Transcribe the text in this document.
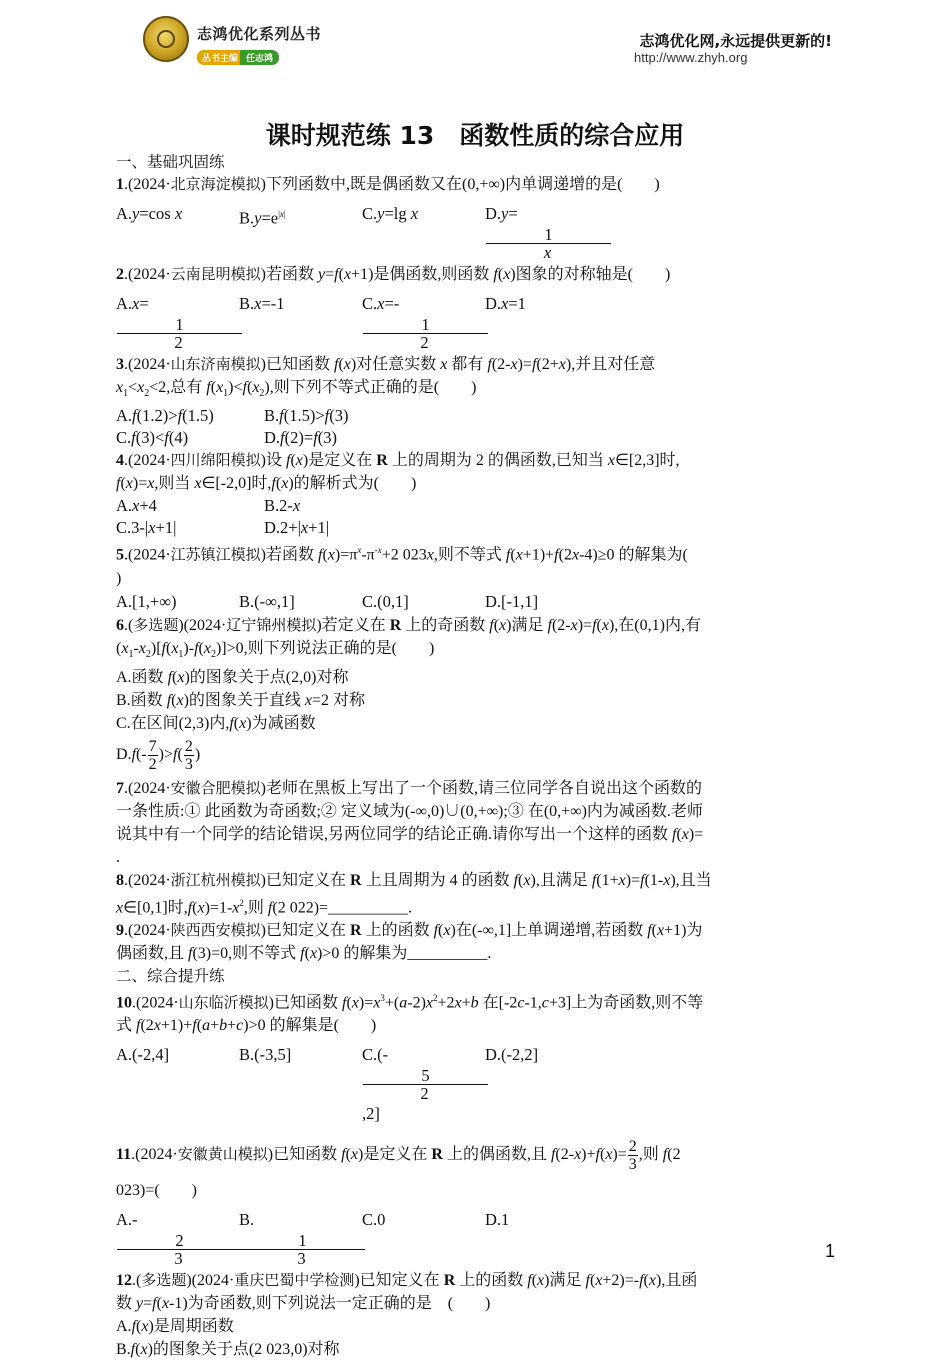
志鸿优化系列丛书
丛书主编 任志鸿
志鸿优化网,永远提供更新的!
http://www.zhyh.org
课时规范练 13　函数性质的综合应用
一、基础巩固练
1.(2024·北京海淀模拟)下列函数中,既是偶函数又在(0,+∞)内单调递增的是(　　)
A.y=cos x	$B.y=e^{|x|}$	C.y=lg x	D.y=
$\frac{1}{x}$
2.(2024·云南昆明模拟)若函数 y=f(x+1)是偶函数,则函数 f(x)图象的对称轴是(　　)
A.x=
$\frac{1}{2}$
B.x=-1	C.x=-
$\frac{1}{2}$
D.x=1
3.(2024·山东济南模拟)已知函数 f(x)对任意实数 x 都有 f(2-x)=f(2+x),并且对任意
$x_1<x_2<2$,总有 $f(x_1)<f(x_2)$,则下列不等式正确的是(　　)
A.f(1.2)>f(1.5)	B.f(1.5)>f(3)
C.f(3)<f(4)	D.f(2)=f(3)
4.(2024·四川绵阳模拟)设 f(x)是定义在 R 上的周期为 2 的偶函数,已知当 x∈[2,3]时,
f(x)=x,则当 x∈[-2,0]时,f(x)的解析式为(　　)
A.x+4	B.2-x
C.3-|x+1|	D.2+|x+1|
5.(2024·江苏镇江模拟)若函数 $f(x)=\pi^x-\pi^{-x}+2$ 023x,则不等式 f(x+1)+f(2x-4)≥0 的解集为(
)
A.[1,+∞)	B.(-∞,1]	C.(0,1]	D.[-1,1]
6.(多选题)(2024·辽宁锦州模拟)若定义在 R 上的奇函数 f(x)满足 f(2-x)=f(x),在(0,1)内,有
$(x_1-x_2)[f(x_1)-f(x_2)]>0$,则下列说法正确的是(　　)
A.函数 f(x)的图象关于点(2,0)对称
B.函数 f(x)的图象关于直线 x=2 对称
C.在区间(2,3)内,f(x)为减函数
$D.f(- \frac{7}{2} )>f( \frac{2}{3}$ )
7.(2024·安徽合肥模拟)老师在黑板上写出了一个函数,请三位同学各自说出这个函数的
一条性质:① 此函数为奇函数;② 定义域为(-∞,0)∪(0,+∞);③ 在(0,+∞)内为减函数.老师
说其中有一个同学的结论错误,另两位同学的结论正确.请你写出一个这样的函数 f(x)=
.
8.(2024·浙江杭州模拟)已知定义在 R 上且周期为 4 的函数 f(x),且满足 f(1+x)=f(1-x),且当
x∈[0,1]时$,f(x)=1-x^2$,则 f(2 022)=__________.
9.(2024·陕西西安模拟)已知定义在 R 上的函数 f(x)在(-∞,1]上单调递增,若函数 f(x+1)为
偶函数,且 f(3)=0,则不等式 f(x)>0 的解集为__________.
二、综合提升练
10.(2024·山东临沂模拟)已知函数 $f(x)=x^3+(a-2)x^2+2x+b$ 在[-2c-1,c+3]上为奇函数,则不等
式 f(2x+1)+f(a+b+c)>0 的解集是(　　)
A.(-2,4]	B.(-3,5]	C.(-
$\frac{5}{2}$
,2]
D.(-2,2]
11.(2024·安徽黄山模拟)已知函数 f(x)是定义在 R 上的偶函数,且 $f(2-x)+f(x)= \frac{2}{3}$ ,则 f(2
023)=(　　)
A.-
$\frac{2}{3}$
B.
$\frac{1}{3}$
C.0	D.1
12.(多选题)(2024·重庆巴蜀中学检测)已知定义在 R 上的函数 f(x)满足 f(x+2)=-f(x),且函
数 y=f(x-1)为奇函数,则下列说法一定正确的是　(　　)
A.f(x)是周期函数
B.f(x)的图象关于点(2 023,0)对称
1
